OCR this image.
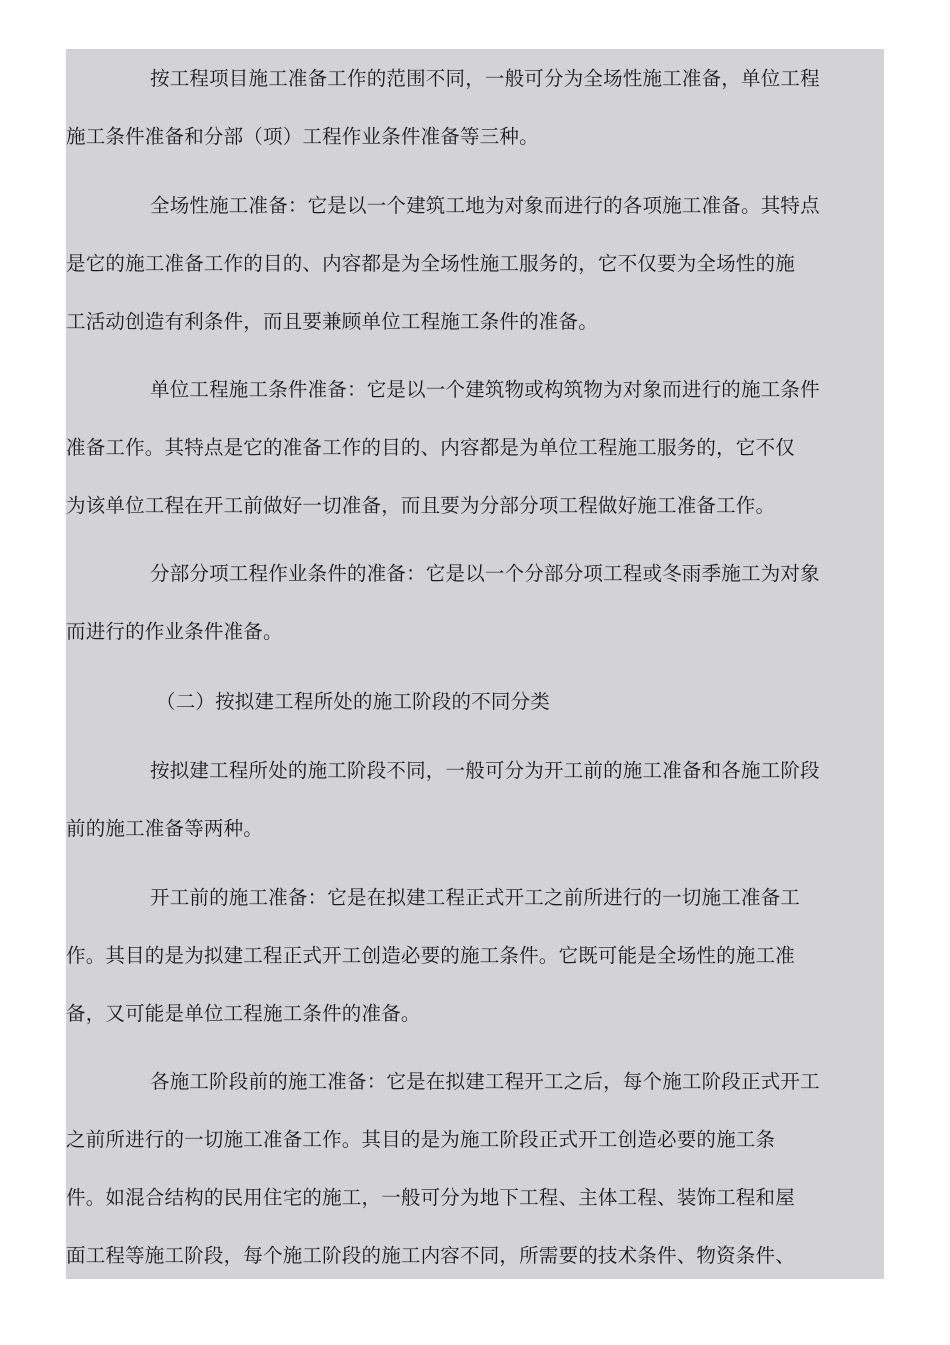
按工程项目施工准备工作的范围不同，一般可分为全场性施工准备，单位工程

施工条件准备和分部（项）工程作业条件准备等三种。

全场性施工准备：它是以一个建筑工地为对象而进行的各项施工准备。其特点

是它的施工准备工作的目的、内容都是为全场性施工服务的，它不仅要为全场性的施

工活动创造有利条件，而且要兼顾单位工程施工条件的准备。

单位工程施工条件准备：它是以一个建筑物或构筑物为对象而进行的施工条件

准备工作。其特点是它的准备工作的目的、内容都是为单位工程施工服务的，它不仅

为该单位工程在开工前做好一切准备，而且要为分部分项工程做好施工准备工作。

分部分项工程作业条件的准备：它是以一个分部分项工程或冬雨季施工为对象

而进行的作业条件准备。

（二）按拟建工程所处的施工阶段的不同分类

按拟建工程所处的施工阶段不同，一般可分为开工前的施工准备和各施工阶段

前的施工准备等两种。

开工前的施工准备：它是在拟建工程正式开工之前所进行的一切施工准备工

作。其目的是为拟建工程正式开工创造必要的施工条件。它既可能是全场性的施工准

备，又可能是单位工程施工条件的准备。

各施工阶段前的施工准备：它是在拟建工程开工之后，每个施工阶段正式开工

之前所进行的一切施工准备工作。其目的是为施工阶段正式开工创造必要的施工条

件。如混合结构的民用住宅的施工，一般可分为地下工程、主体工程、装饰工程和屋

面工程等施工阶段，每个施工阶段的施工内容不同，所需要的技术条件、物资条件、
